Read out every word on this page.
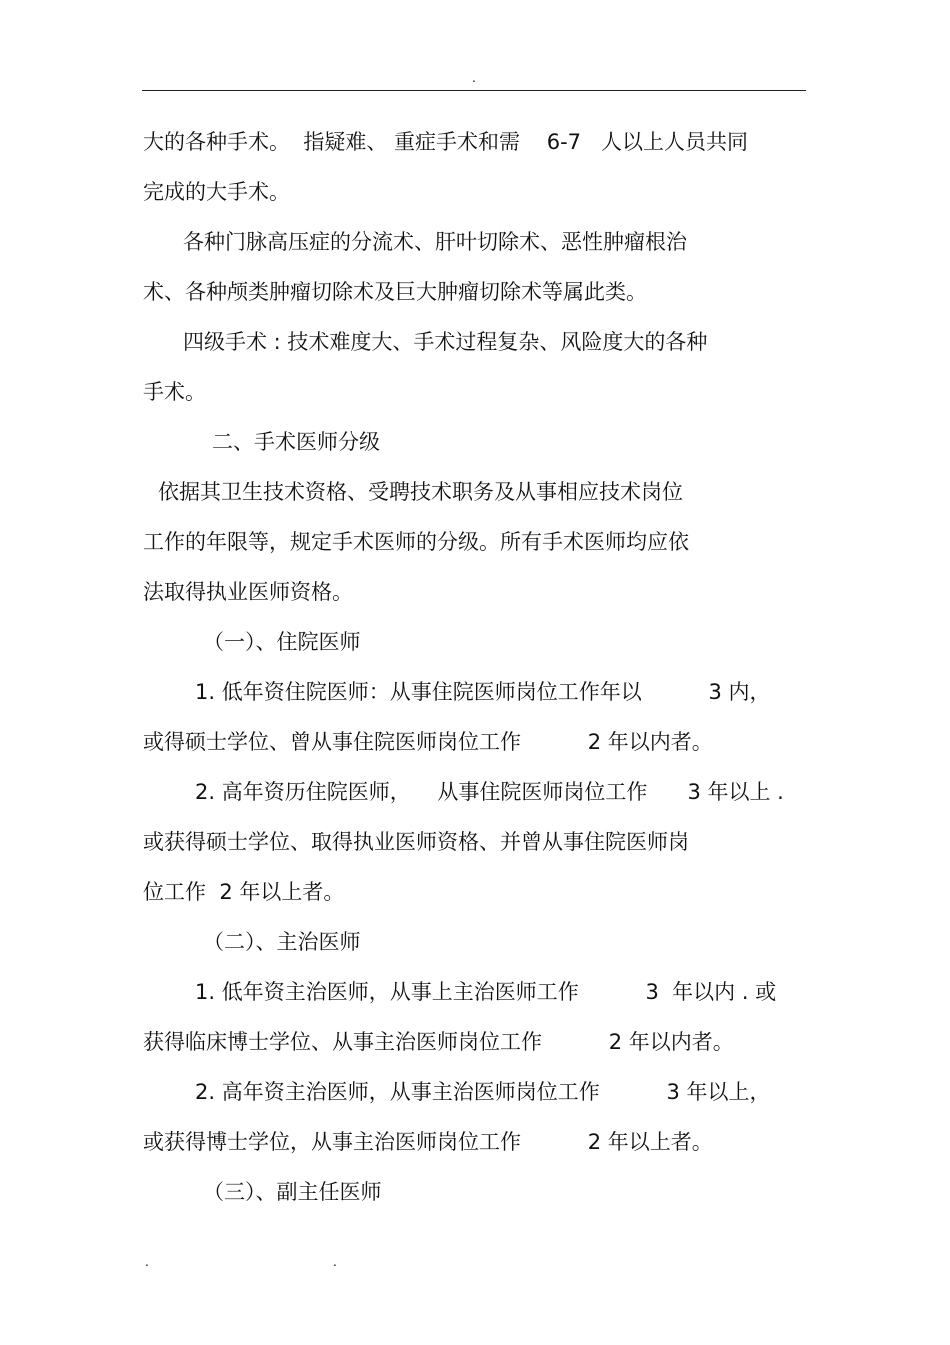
.
大的各种手术。  指疑难、 重症手术和需    6-7   人以上人员共同
完成的大手术。
各种门脉高压症的分流术、肝叶切除术、恶性肿瘤根治
术、各种颅类肿瘤切除术及巨大肿瘤切除术等属此类。
四级手术 : 技术难度大、手术过程复杂、风险度大的各种
手术。
二、手术医师分级
依据其卫生技术资格、受聘技术职务及从事相应技术岗位
工作的年限等，规定手术医师的分级。所有手术医师均应依
法取得执业医师资格。
（一）、住院医师
1. 低年资住院医师：从事住院医师岗位工作年以          3 内，
或得硕士学位、曾从事住院医师岗位工作          2 年以内者。
2. 高年资历住院医师，    从事住院医师岗位工作      3 年以上 .
或获得硕士学位、取得执业医师资格、并曾从事住院医师岗
位工作  2 年以上者。
（二）、主治医师
1. 低年资主治医师，从事上主治医师工作          3  年以内 . 或
获得临床博士学位、从事主治医师岗位工作          2 年以内者。
2. 高年资主治医师，从事主治医师岗位工作          3 年以上，
或获得博士学位，从事主治医师岗位工作          2 年以上者。
（三）、副主任医师
.	.
